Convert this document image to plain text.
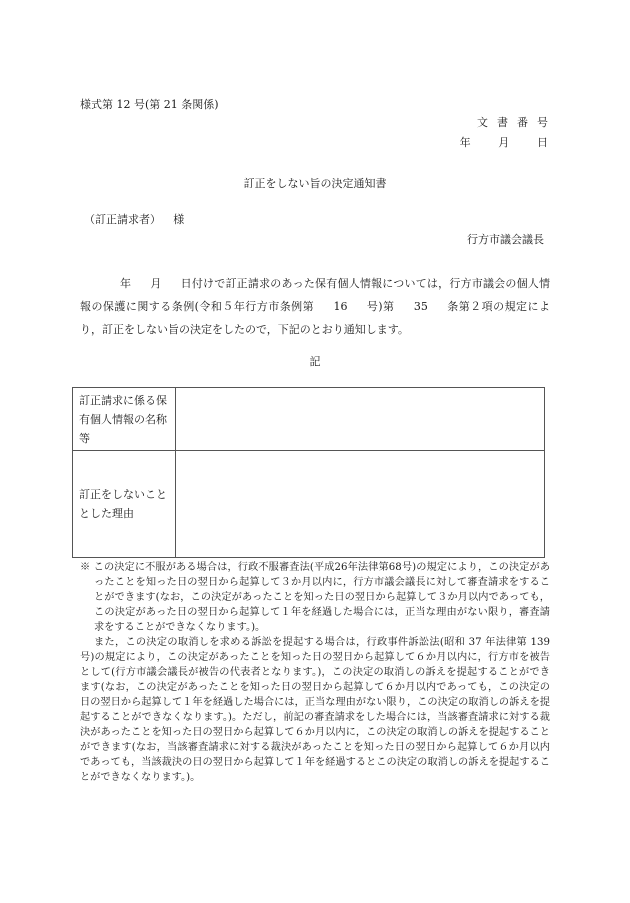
様式第 12 号(第 21 条関係)
文 書 番 号
年 月 日
訂正をしない旨の決定通知書
（訂正請求者） 様
行方市議会議長
年 月 日付けで訂正請求のあった保有個人情報については，行方市議会の個人情報の保護に関する条例(令和５年行方市条例第 16 号)第 35 条第２項の規定により，訂正をしない旨の決定をしたので，下記のとおり通知します。
記
訂正請求に係る保有個人情報の名称等	
訂正をしないこととした理由	

※ この決定に不服がある場合は，行政不服審査法(平成26年法律第68号)の規定により，この決定があったことを知った日の翌日から起算して３か月以内に，行方市議会議長に対して審査請求をすることができます(なお，この決定があったことを知った日の翌日から起算して３か月以内であっても，この決定があった日の翌日から起算して１年を経過した場合には，正当な理由がない限り，審査請求をすることができなくなります。)。

また，この決定の取消しを求める訴訟を提起する場合は，行政事件訴訟法(昭和 37 年法律第 139 号)の規定により，この決定があったことを知った日の翌日から起算して６か月以内に，行方市を被告として(行方市議会議長が被告の代表者となります。)，この決定の取消しの訴えを提起することができます(なお，この決定があったことを知った日の翌日から起算して６か月以内であっても，この決定の日の翌日から起算して１年を経過した場合には，正当な理由がない限り，この決定の取消しの訴えを提起することができなくなります。)。ただし，前記の審査請求をした場合には，当該審査請求に対する裁決があったことを知った日の翌日から起算して６か月以内に，この決定の取消しの訴えを提起することができます(なお，当該審査請求に対する裁決があったことを知った日の翌日から起算して６か月以内であっても，当該裁決の日の翌日から起算して１年を経過するとこの決定の取消しの訴えを提起することができなくなります。)。
